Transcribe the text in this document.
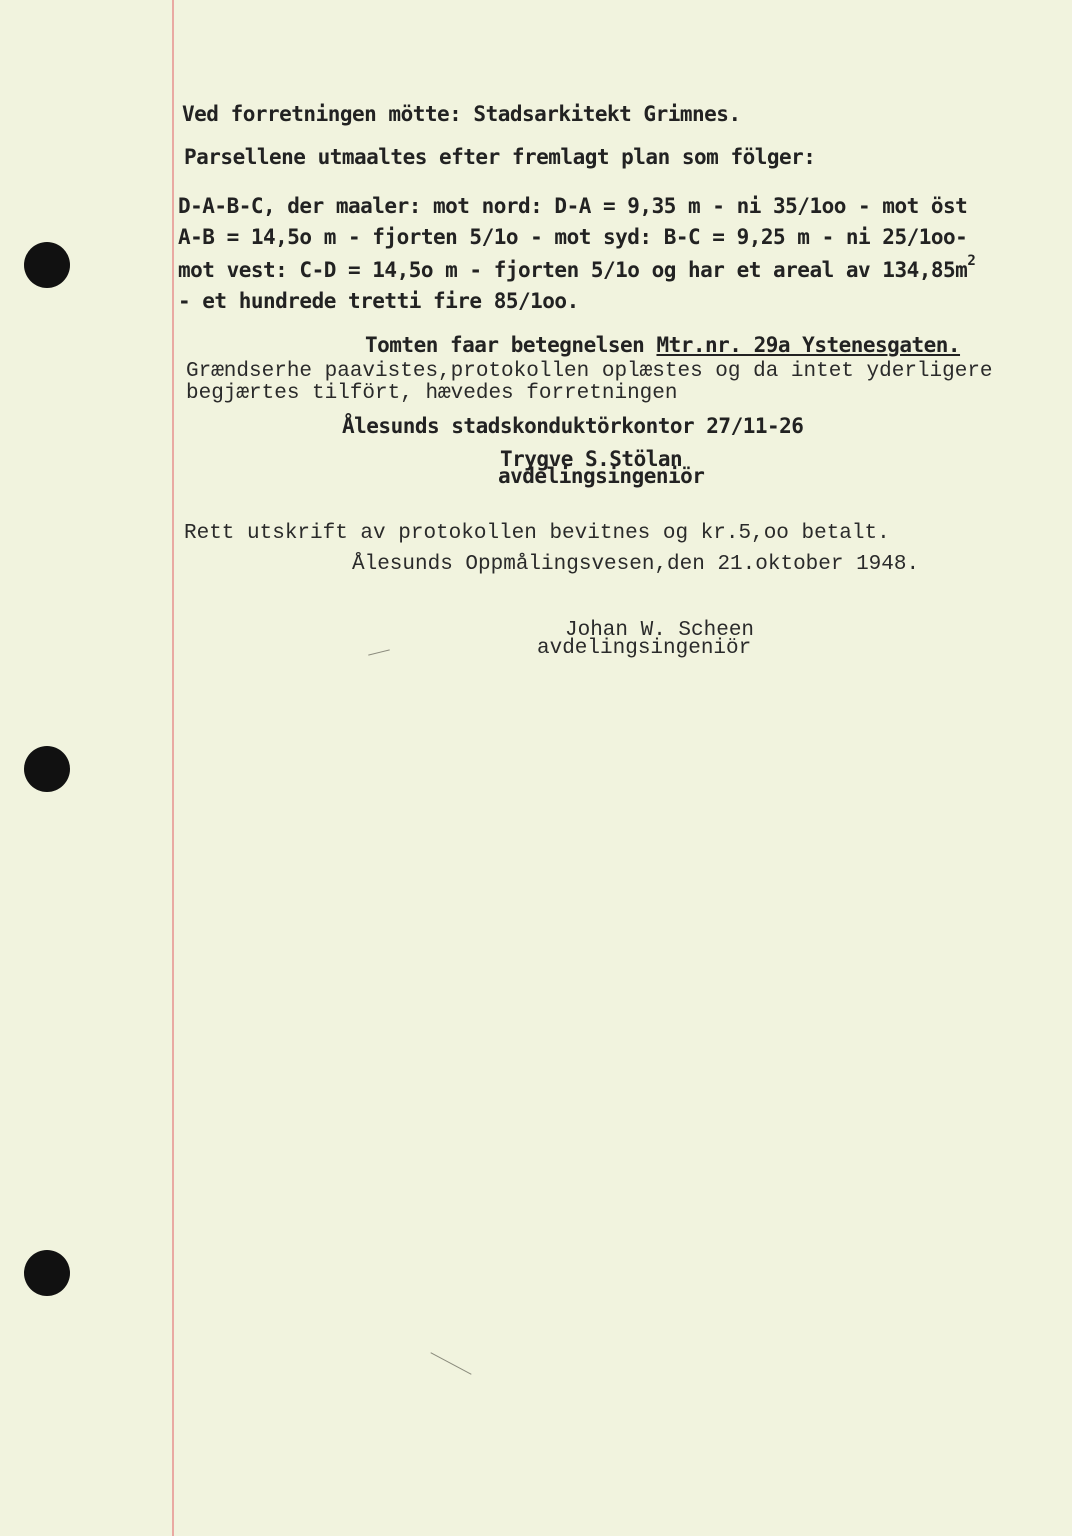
Ved forretningen mötte: Stadsarkitekt Grimnes.
Parsellene utmaaltes efter fremlagt plan som fölger:
D-A-B-C, der maaler: mot nord: D-A = 9,35 m - ni 35/1oo - mot öst
A-B = 14,5o m - fjorten 5/1o - mot syd: B-C = 9,25 m - ni 25/1oo-
mot vest: C-D = 14,5o m - fjorten 5/1o og har et areal av $134,85m^2$
- et hundrede tretti fire 85/1oo.
Tomten faar betegnelsen Mtr.nr. 29a Ystenesgaten.
Grændserhe paavistes,protokollen oplæstes og da intet yderligere
begjærtes tilfört, hævedes forretningen
Ålesunds stadskonduktörkontor 27/11-26
Trygve S.Stölan
avdelingsingeniör
Rett utskrift av protokollen bevitnes og kr.5,oo betalt.
Ålesunds Oppmålingsvesen,den 21.oktober 1948.
Johan W. Scheen
avdelingsingeniör
